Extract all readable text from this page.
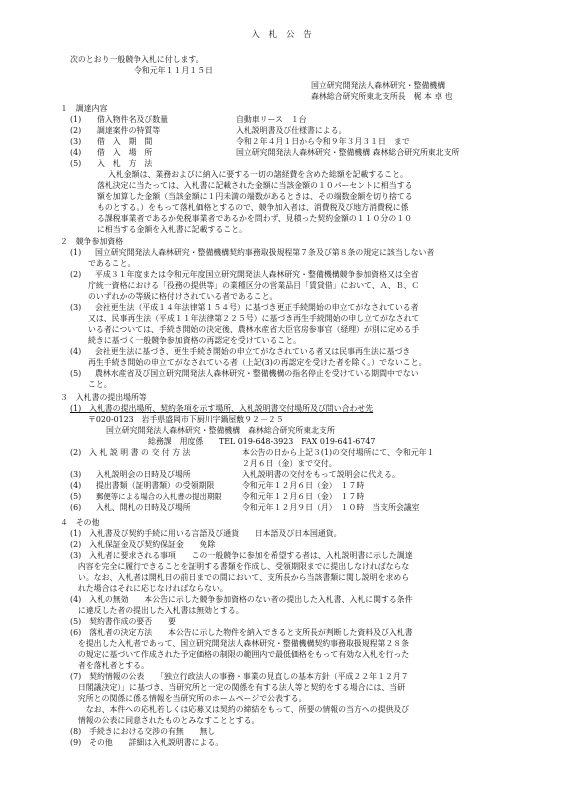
入 札 公 告
次のとおり一般競争入札に付します。
令和元年１１月１５日
国立研究開発法人森林研究・整備機構
森林総合研究所東北支所長　梶 本 卓 也
１　調達内容
(1) 借入物件名及び数量	自動車リース　１台
(2) 調達案件の特質等	入札説明書及び仕様書による。
(3) 借　入　期　間	令和２年４月１日から令和９年３月３１日　まで
(4) 借　入　場　所	国立研究開発法人森林研究・整備機構 森林総合研究所東北支所
(5) 入　札　方　法
入札金額は、業務およびに納入に要する一切の諸経費を含めた総額を記載すること。
落札決定に当たっては、入札書に記載された金額に当該金額の１０パーセントに相当する
額を加算した金額（当該金額に１円未満の端数があるときは、その端数金額を切り捨てる
ものとする。）をもって落札価格とするので、競争加入者は、消費税及び地方消費税に係
る課税事業者であるか免税事業者であるかを問わず、見積った契約金額の１１０分の１０
に相当する金額を入札書に記載すること。
２　競争参加資格
(1) 国立研究開発法人森林研究・整備機構契約事務取扱規程第７条及び第８条の規定に該当しない者
であること。
(2) 平成３１年度または令和元年度国立研究開発法人森林研究・整備機構競争参加資格又は全省
庁統一資格における「役務の提供等」の業種区分の営業品目「賃貸借」において、Ａ、Ｂ、Ｃ
のいずれかの等級に格付けされている者であること。
(3) 会社更生法（平成１４年法律第１５４号）に基づき更正手続開始の申立てがなされている者
又は、民事再生法（平成１１年法律第２２５号）に基づき再生手続開始の申し立てがなされて
いる者については、手続き開始の決定後、農林水産省大臣官房参事官（経理）が別に定める手
続きに基づく一般競争参加資格の再認定を受けていること。
(4) 会社更生法に基づき、更生手続き開始の申立てがなされている者又は民事再生法に基づき
再生手続き開始の申立てがなされている者（上記(3)の再認定を受けた者を除く。）でないこと。
(5) 農林水産省及び国立研究開発法人森林研究・整備機構の指名停止を受けている期間中でない
こと。
３　入札書の提出場所等
(1)　入札書の提出場所、契約条項を示す場所、入札説明書交付場所及び問い合わせ先
〒020-0123　岩手県盛岡市下厨川字鍋屋敷９２－２５
国立研究開発法人森林研究・整備機構　森林総合研究所東北支所
総務課　用度係　　TEL 019-648-3923　FAX 019-641-6747
(2)　入 札 説 明 書 の 交 付 方 法	本公告の日から上記３(1)の交付場所にて、令和元年１
２月６日（金）まで交付。
(3) 入札説明会の日時及び場所	入札説明書の交付をもって説明会に代える。
(4) 提出書類（証明書類）の受領期限	令和元年１２月６日（金）　１７時
(5) 郵便等による場合の入札書の提出期限	令和元年１２月６日（金）　１７時
(6) 入札、開札の日時及び場所	令和元年１２月９日（月）　１０時　当支所会議室
４　その他
(1)　入札書及び契約手続に用いる言語及び通貨　　日本語及び日本国通貨。
(2)　入札保証金及び契約保証金　　免除
(3)　入札者に要求される事項　　この一般競争に参加を希望する者は、入札説明書に示した調達
　内容を完全に履行できることを証明する書類を作成し、受領期限までに提出しなければならな
　い。なお、入札者は開札日の前日までの間において、支所長から当該書類に関し説明を求めら
　れた場合はそれに応じなければならない。
(4)　入札の無効　　本公告に示した競争参加資格のない者の提出した入札書、入札に関する条件
　に違反した者の提出した入札書は無効とする。
(5)　契約書作成の要否　　要
(6)　落札者の決定方法　　本公告に示した物件を納入できると支所長が判断した資料及び入札書
　を提出した入札者であって、国立研究開発法人森林研究・整備機構契約事務取扱規程第２８条
　の規定に基づいて作成された予定価格の制限の範囲内で最低価格をもって有効な入札を行った
　者を落札者とする。
(7)　契約情報の公表　　「独立行政法人の事務・事業の見直しの基本方針（平成２２年１２月７
　日閣議決定）」に基づき、当研究所と一定の関係を有する法人等と契約をする場合には、当研
　究所との関係に係る情報を当研究所のホームページで公表する。
　　なお、本件への応札若しくは応募又は契約の締結をもって、所要の情報の当方への提供及び
　情報の公表に同意されたものとみなすこととする。
(8)　手続きにおける交渉の有無　　無し
(9)　その他　　詳細は入札説明書による。
